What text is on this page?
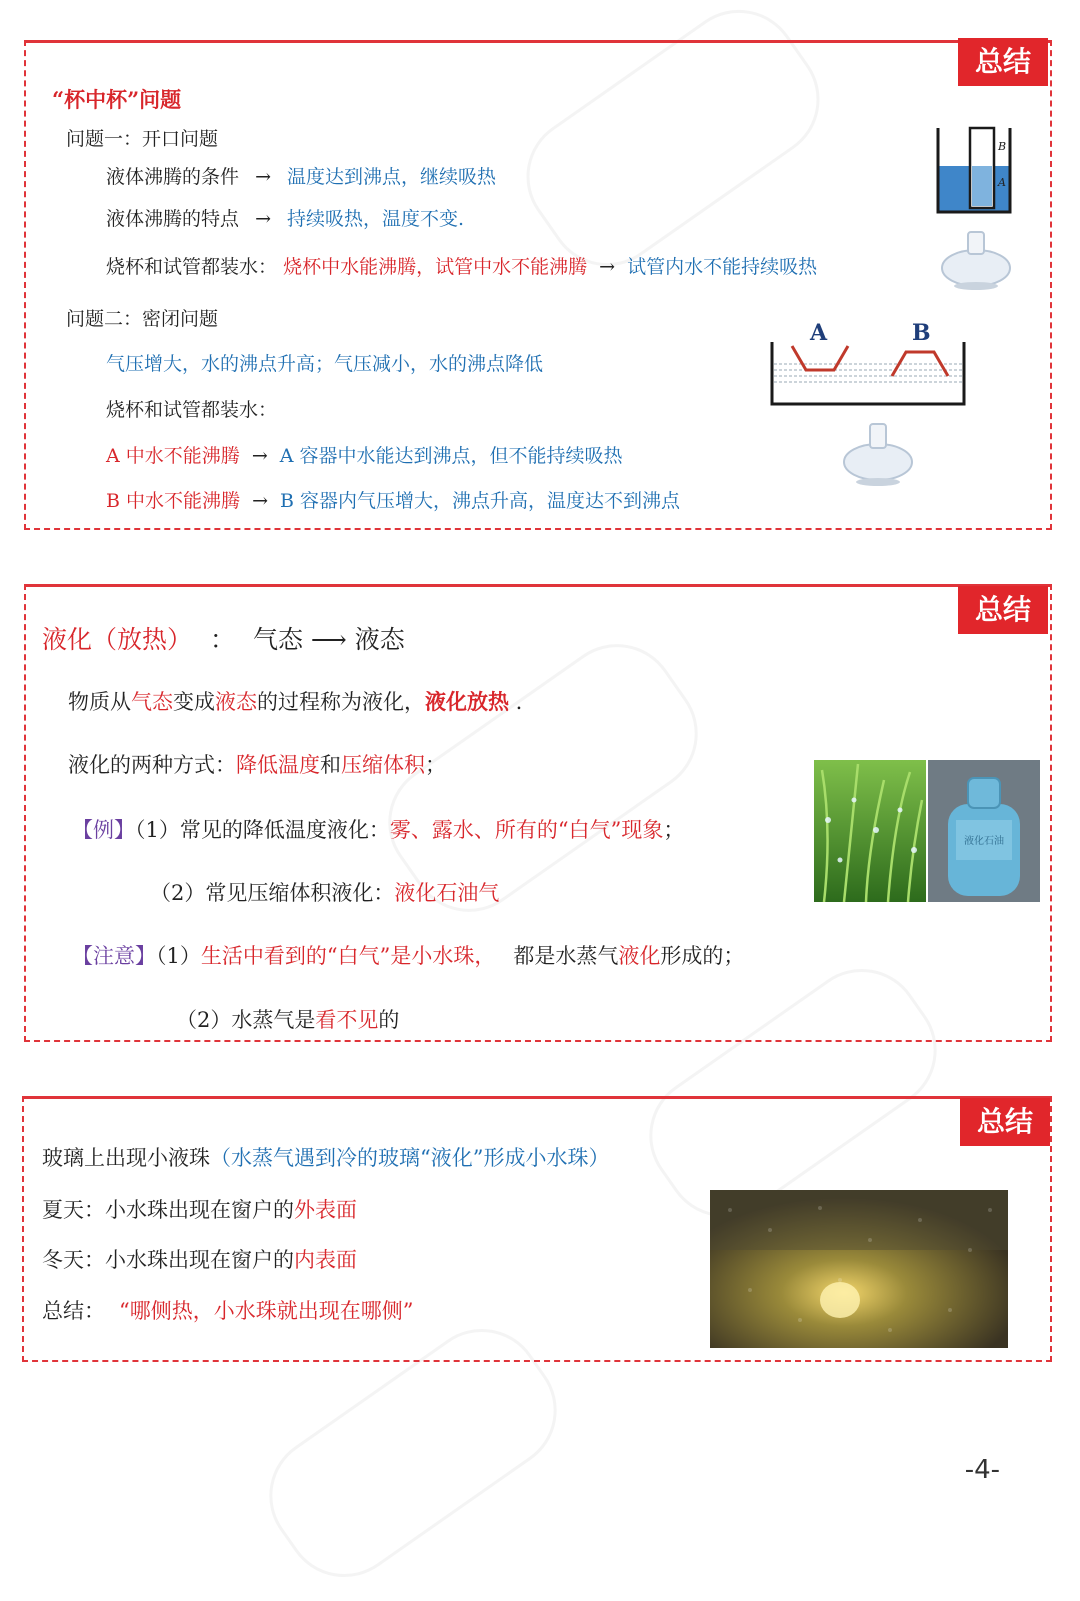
总结
“杯中杯”问题
问题一：开口问题
液体沸腾的条件 → 温度达到沸点，继续吸热
液体沸腾的特点 → 持续吸热，温度不变.
烧杯和试管都装水： 烧杯中水能沸腾，试管中水不能沸腾 → 试管内水不能持续吸热
问题二：密闭问题
气压增大，水的沸点升高；气压减小，水的沸点降低
烧杯和试管都装水：
A 中水不能沸腾 → A 容器中水能达到沸点，但不能持续吸热
B 中水不能沸腾 → B 容器内气压增大，沸点升高，温度达不到沸点
B
A
A	B
总结
液化（放热） ： 气态 ⟶ 液态
物质从气态变成液态的过程称为液化，液化放热 .
液化的两种方式：降低温度和压缩体积；
【例】（1）常见的降低温度液化：雾、露水、所有的“白气”现象；
（2）常见压缩体积液化：液化石油气
【注意】（1）生活中看到的“白气”是小水珠， 都是水蒸气液化形成的；
（2）水蒸气是看不见的
液化石油
总结
玻璃上出现小液珠（水蒸气遇到冷的玻璃“液化”形成小水珠）
夏天：小水珠出现在窗户的外表面
冬天：小水珠出现在窗户的内表面
总结： “哪侧热，小水珠就出现在哪侧”
-4-
